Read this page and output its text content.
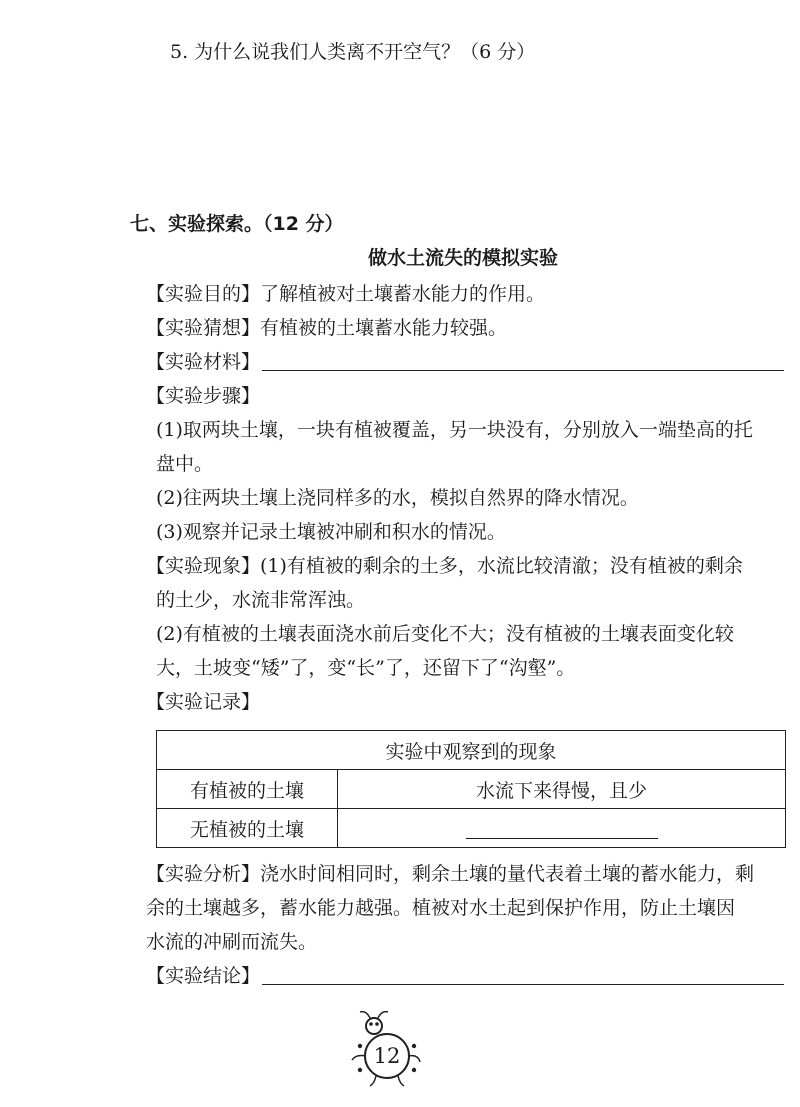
5. 为什么说我们人类离不开空气？（6 分）
七、实验探索。（12 分）
做水土流失的模拟实验
【实验目的】了解植被对土壤蓄水能力的作用。
【实验猜想】有植被的土壤蓄水能力较强。
【实验材料】
【实验步骤】
(1)取两块土壤，一块有植被覆盖，另一块没有，分别放入一端垫高的托
盘中。
(2)往两块土壤上浇同样多的水，模拟自然界的降水情况。
(3)观察并记录土壤被冲刷和积水的情况。
【实验现象】(1)有植被的剩余的土多，水流比较清澈；没有植被的剩余
的土少，水流非常浑浊。
(2)有植被的土壤表面浇水前后变化不大；没有植被的土壤表面变化较
大，土坡变“矮”了，变“长”了，还留下了“沟壑”。
【实验记录】
实验中观察到的现象	
有植被的土壤	水流下来得慢，且少
无植被的土壤	
【实验分析】浇水时间相同时，剩余土壤的量代表着土壤的蓄水能力，剩
余的土壤越多，蓄水能力越强。植被对水土起到保护作用，防止土壤因
水流的冲刷而流失。
【实验结论】
12
